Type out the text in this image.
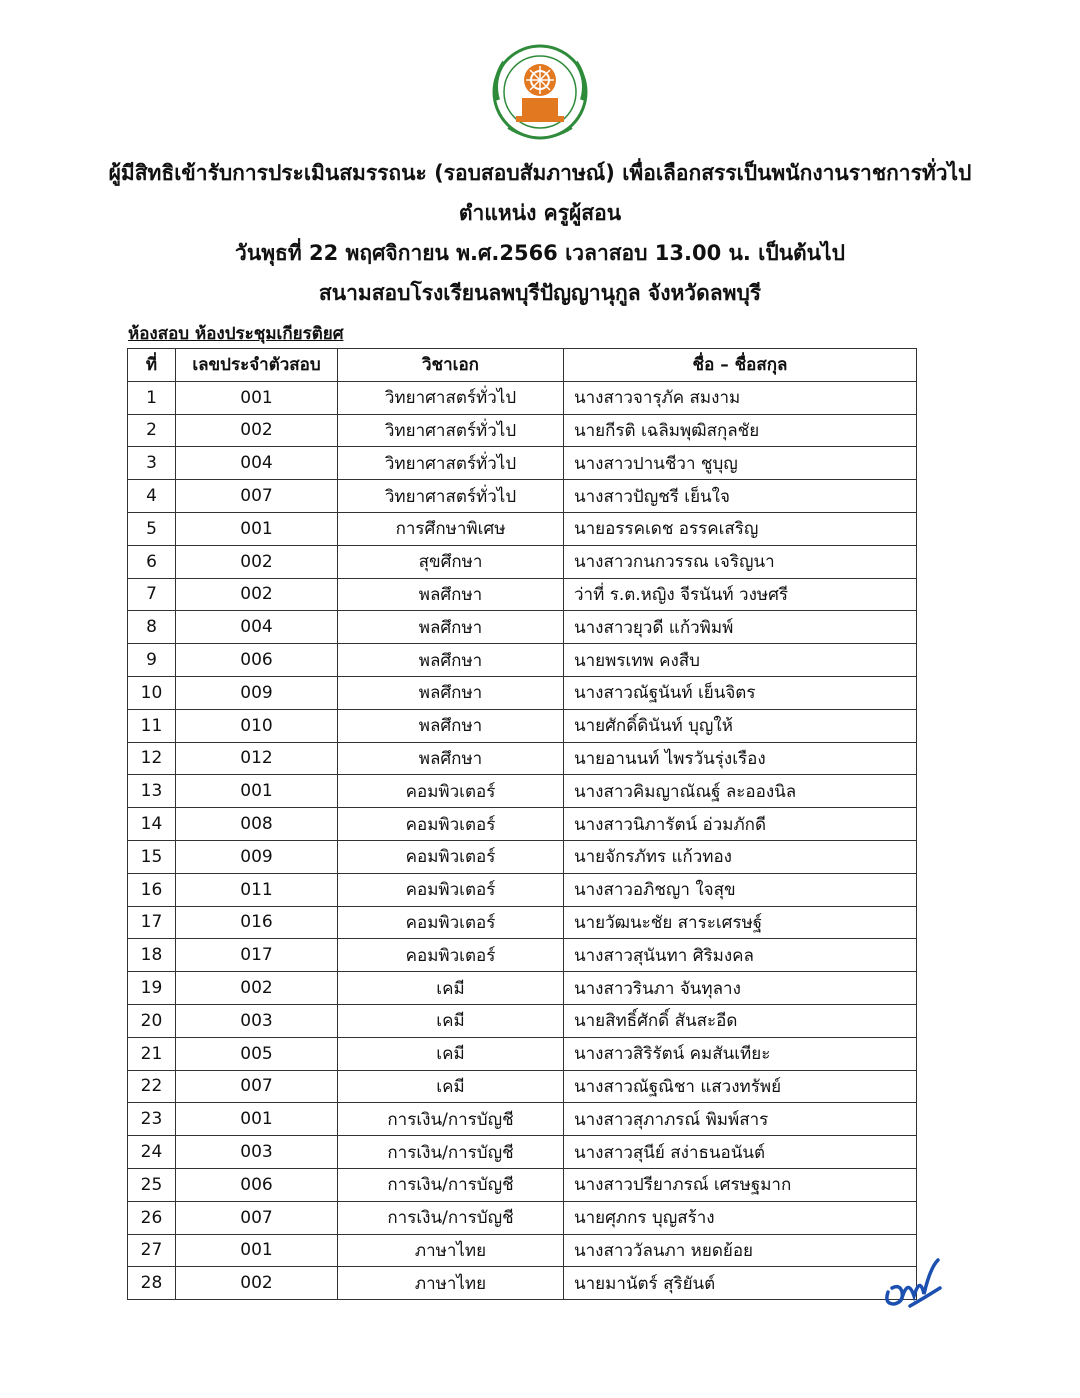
ผู้มีสิทธิเข้ารับการประเมินสมรรถนะ (รอบสอบสัมภาษณ์) เพื่อเลือกสรรเป็นพนักงานราชการทั่วไป
ตำแหน่ง ครูผู้สอน
วันพุธที่ 22 พฤศจิกายน พ.ศ.2566 เวลาสอบ 13.00 น. เป็นต้นไป
สนามสอบโรงเรียนลพบุรีปัญญานุกูล จังหวัดลพบุรี
ห้องสอบ ห้องประชุมเกียรติยศ
ที่	เลขประจำตัวสอบ	วิชาเอก	ชื่อ – ชื่อสกุล
1	001	วิทยาศาสตร์ทั่วไป	นางสาวจารุภัค สมงาม
2	002	วิทยาศาสตร์ทั่วไป	นายกีรติ เฉลิมพุฒิสกุลชัย
3	004	วิทยาศาสตร์ทั่วไป	นางสาวปานชีวา ชูบุญ
4	007	วิทยาศาสตร์ทั่วไป	นางสาวปัญชรี เย็นใจ
5	001	การศึกษาพิเศษ	นายอรรคเดช อรรคเสริญ
6	002	สุขศึกษา	นางสาวกนกวรรณ เจริญนา
7	002	พลศึกษา	ว่าที่ ร.ต.หญิง จีรนันท์ วงษศรี
8	004	พลศึกษา	นางสาวยุวดี แก้วพิมพ์
9	006	พลศึกษา	นายพรเทพ คงสืบ
10	009	พลศึกษา	นางสาวณัฐนันท์ เย็นจิตร
11	010	พลศึกษา	นายศักดิ์ดินันท์ บุญให้
12	012	พลศึกษา	นายอานนท์ ไพรวันรุ่งเรือง
13	001	คอมพิวเตอร์	นางสาวคิมญาณัณฐ์ ละอองนิล
14	008	คอมพิวเตอร์	นางสาวนิภารัตน์ อ่วมภักดี
15	009	คอมพิวเตอร์	นายจักรภัทร แก้วทอง
16	011	คอมพิวเตอร์	นางสาวอภิชญา ใจสุข
17	016	คอมพิวเตอร์	นายวัฒนะชัย สาระเศรษฐ์
18	017	คอมพิวเตอร์	นางสาวสุนันทา ศิริมงคล
19	002	เคมี	นางสาวรินภา จันทุลาง
20	003	เคมี	นายสิทธิ์ศักดิ์ สันสะอีด
21	005	เคมี	นางสาวสิริรัตน์ คมสันเทียะ
22	007	เคมี	นางสาวณัฐณิชา แสวงทรัพย์
23	001	การเงิน/การบัญชี	นางสาวสุภาภรณ์ พิมพ์สาร
24	003	การเงิน/การบัญชี	นางสาวสุนีย์ สง่าธนอนันต์
25	006	การเงิน/การบัญชี	นางสาวปรียาภรณ์ เศรษฐมาก
26	007	การเงิน/การบัญชี	นายศุภกร บุญสร้าง
27	001	ภาษาไทย	นางสาววัลนภา หยดย้อย
28	002	ภาษาไทย	นายมานัตร์ สุริยันต์
